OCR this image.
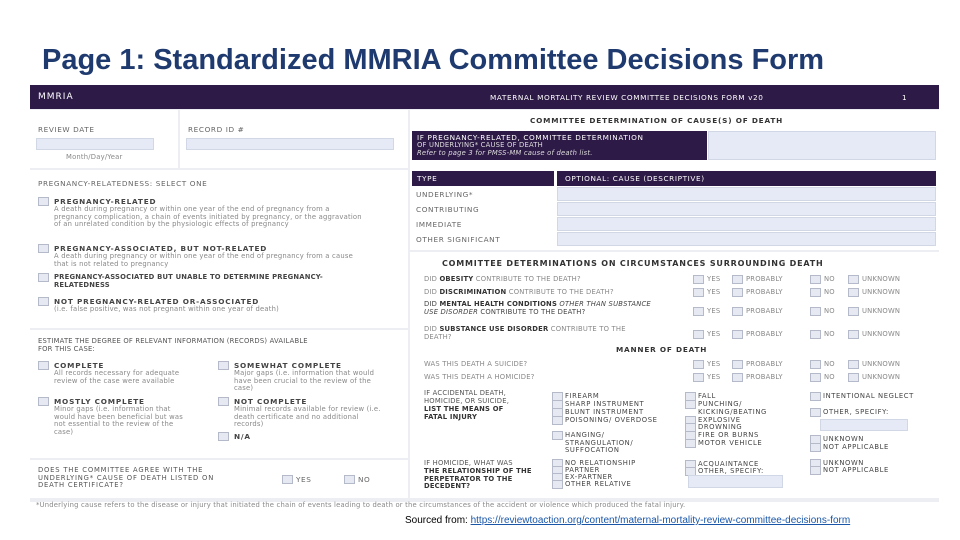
Page 1: Standardized MMRIA Committee Decisions Form
MMRIA	MATERNAL MORTALITY REVIEW COMMITTEE DECISIONS FORM v20	1
REVIEW DATE
Month/Day/Year
RECORD ID #
PREGNANCY-RELATEDNESS: SELECT ONE
PREGNANCY-RELATED
A death during pregnancy or within one year of the end of pregnancy from a pregnancy complication, a chain of events initiated by pregnancy, or the aggravation of an unrelated condition by the physiologic effects of pregnancy
PREGNANCY-ASSOCIATED, BUT NOT-RELATED
A death during pregnancy or within one year of the end of pregnancy from a cause that is not related to pregnancy
PREGNANCY-ASSOCIATED BUT UNABLE TO DETERMINE PREGNANCY-RELATEDNESS
NOT PREGNANCY-RELATED OR-ASSOCIATED
(i.e. false positive, was not pregnant within one year of death)
ESTIMATE THE DEGREE OF RELEVANT INFORMATION (RECORDS) AVAILABLE FOR THIS CASE:
COMPLETE
All records necessary for adequate review of the case were available
SOMEWHAT COMPLETE
Major gaps (i.e. information that would have been crucial to the review of the case)
MOSTLY COMPLETE
Minor gaps (i.e. information that would have been beneficial but was not essential to the review of the case)
NOT COMPLETE
Minimal records available for review (i.e. death certificate and no additional records)
N/A
DOES THE COMMITTEE AGREE WITH THE UNDERLYING* CAUSE OF DEATH LISTED ON DEATH CERTIFICATE?
YES	NO
COMMITTEE DETERMINATION OF CAUSE(S) OF DEATH
IF PREGNANCY-RELATED, COMMITTEE DETERMINATION
OF UNDERLYING* CAUSE OF DEATH
Refer to page 3 for PMSS-MM cause of death list.
TYPE	OPTIONAL: CAUSE (DESCRIPTIVE)
UNDERLYING*
CONTRIBUTING
IMMEDIATE
OTHER SIGNIFICANT
COMMITTEE DETERMINATIONS ON CIRCUMSTANCES SURROUNDING DEATH
DID OBESITY CONTRIBUTE TO THE DEATH?
DID DISCRIMINATION CONTRIBUTE TO THE DEATH?
DID MENTAL HEALTH CONDITIONS OTHER THAN SUBSTANCE USE DISORDER CONTRIBUTE TO THE DEATH?
DID SUBSTANCE USE DISORDER CONTRIBUTE TO THE DEATH?
MANNER OF DEATH
WAS THIS DEATH A SUICIDE?
WAS THIS DEATH A HOMICIDE?
YES	PROBABLY	NO	UNKNOWN
YES	PROBABLY	NO	UNKNOWN
YES	PROBABLY	NO	UNKNOWN
YES	PROBABLY	NO	UNKNOWN
YES	PROBABLY	NO	UNKNOWN
YES	PROBABLY	NO	UNKNOWN
IF ACCIDENTAL DEATH, HOMICIDE, OR SUICIDE,
LIST THE MEANS OF FATAL INJURY
FIREARM
SHARP INSTRUMENT
BLUNT INSTRUMENT
POISONING/ OVERDOSE
HANGING/ STRANGULATION/ SUFFOCATION
FALL
PUNCHING/ KICKING/BEATING
EXPLOSIVE
DROWNING
FIRE OR BURNS
MOTOR VEHICLE
INTENTIONAL NEGLECT
OTHER, SPECIFY:
UNKNOWN
NOT APPLICABLE
IF HOMICIDE, WHAT WAS
THE RELATIONSHIP OF THE PERPETRATOR TO THE DECEDENT?
NO RELATIONSHIP
PARTNER
EX-PARTNER
OTHER RELATIVE
ACQUAINTANCE
OTHER, SPECIFY:
UNKNOWN
NOT APPLICABLE
*Underlying cause refers to the disease or injury that initiated the chain of events leading to death or the circumstances of the accident or violence which produced the fatal injury.
Sourced from: https://reviewtoaction.org/content/maternal-mortality-review-committee-decisions-form
